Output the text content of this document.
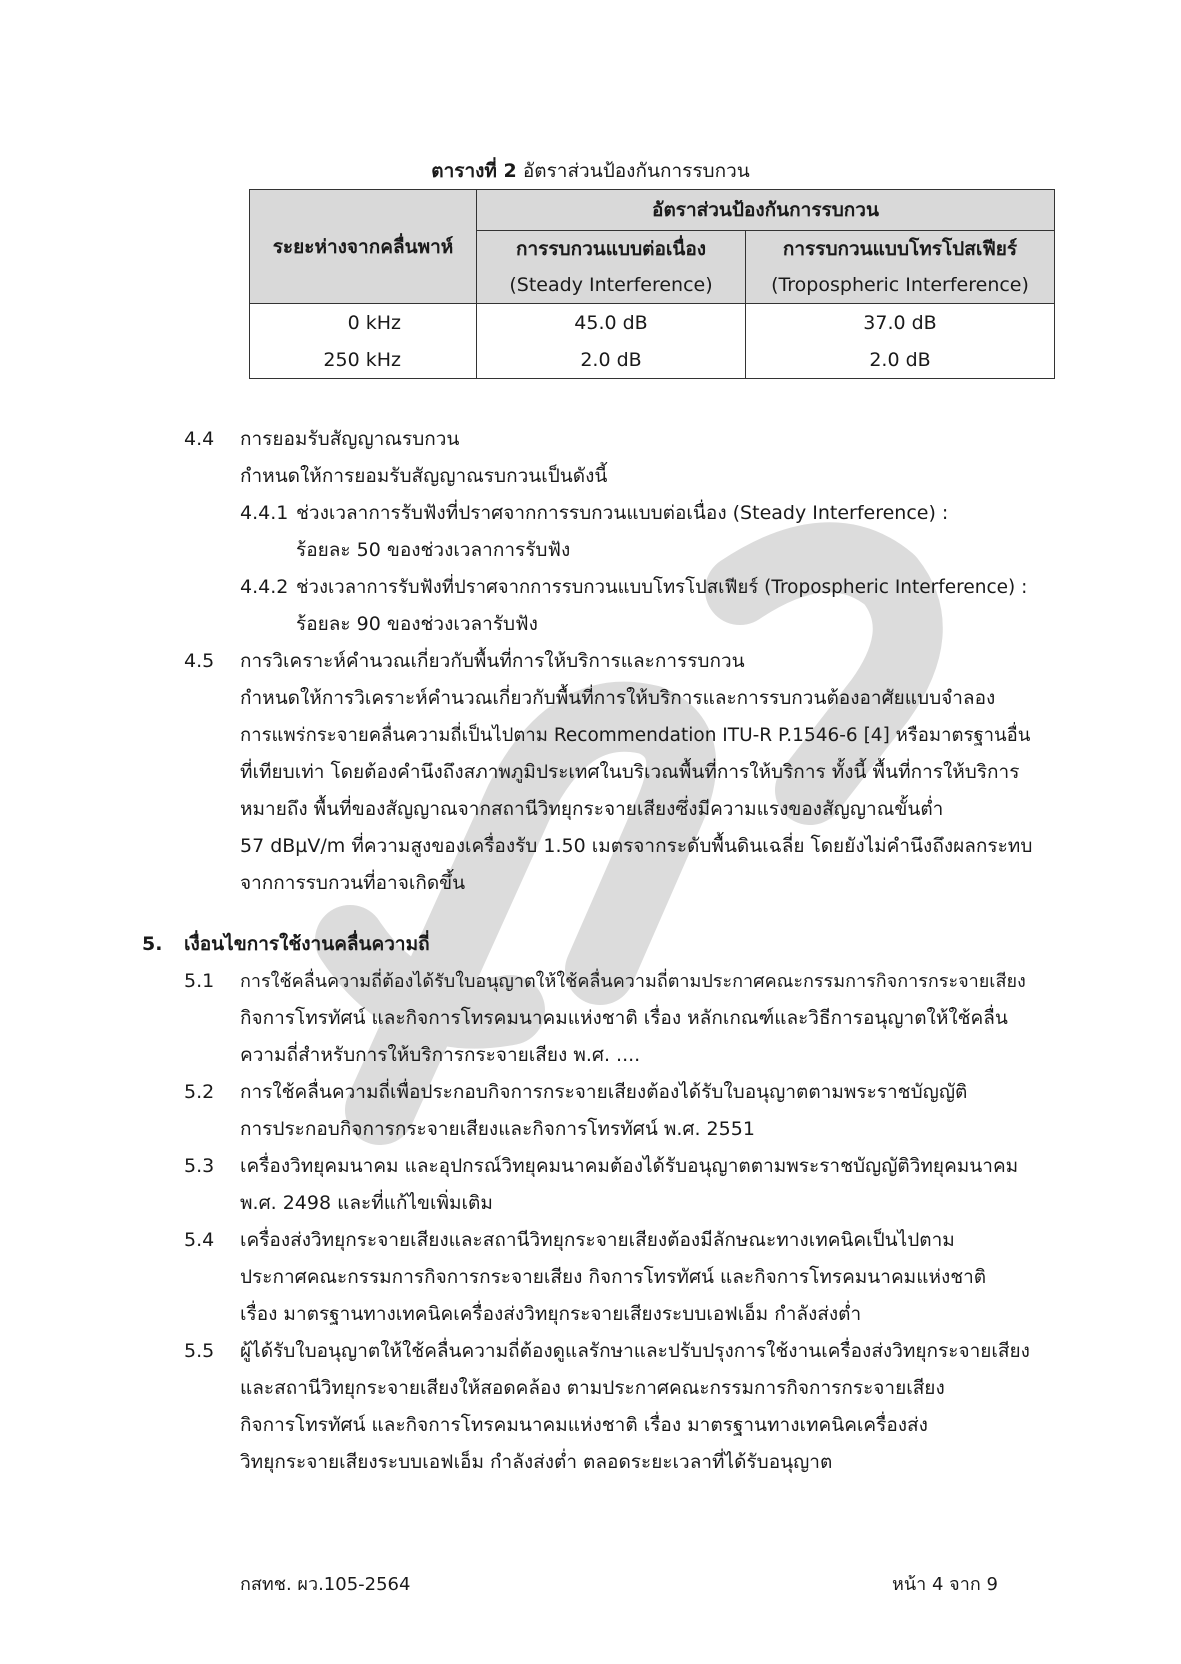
ตารางที่ 2 อัตราส่วนป้องกันการรบกวน
ระยะห่างจากคลื่นพาห์	อัตราส่วนป้องกันการรบกวน	
	การรบกวนแบบต่อเนื่อง	การรบกวนแบบโทรโปสเฟียร์
	(Steady Interference)	(Tropospheric Interference)
0 kHz	45.0 dB	37.0 dB
250 kHz	2.0 dB	2.0 dB
4.4 การยอมรับสัญญาณรบกวน
กำหนดให้การยอมรับสัญญาณรบกวนเป็นดังนี้
4.4.1 ช่วงเวลาการรับฟังที่ปราศจากการรบกวนแบบต่อเนื่อง (Steady Interference) :
ร้อยละ 50 ของช่วงเวลาการรับฟัง
4.4.2 ช่วงเวลาการรับฟังที่ปราศจากการรบกวนแบบโทรโปสเฟียร์ (Tropospheric Interference) :
ร้อยละ 90 ของช่วงเวลารับฟัง
4.5 การวิเคราะห์คำนวณเกี่ยวกับพื้นที่การให้บริการและการรบกวน
กำหนดให้การวิเคราะห์คำนวณเกี่ยวกับพื้นที่การให้บริการและการรบกวนต้องอาศัยแบบจำลอง
การแพร่กระจายคลื่นความถี่เป็นไปตาม Recommendation ITU-R P.1546-6 [4] หรือมาตรฐานอื่น
ที่เทียบเท่า โดยต้องคำนึงถึงสภาพภูมิประเทศในบริเวณพื้นที่การให้บริการ ทั้งนี้ พื้นที่การให้บริการ
หมายถึง พื้นที่ของสัญญาณจากสถานีวิทยุกระจายเสียงซึ่งมีความแรงของสัญญาณขั้นต่ำ
57 dBµV/m ที่ความสูงของเครื่องรับ 1.50 เมตรจากระดับพื้นดินเฉลี่ย โดยยังไม่คำนึงถึงผลกระทบ
จากการรบกวนที่อาจเกิดขึ้น
5. เงื่อนไขการใช้งานคลื่นความถี่
5.1 การใช้คลื่นความถี่ต้องได้รับใบอนุญาตให้ใช้คลื่นความถี่ตามประกาศคณะกรรมการกิจการกระจายเสียง
กิจการโทรทัศน์ และกิจการโทรคมนาคมแห่งชาติ เรื่อง หลักเกณฑ์และวิธีการอนุญาตให้ใช้คลื่น
ความถี่สำหรับการให้บริการกระจายเสียง พ.ศ. ....
5.2 การใช้คลื่นความถี่เพื่อประกอบกิจการกระจายเสียงต้องได้รับใบอนุญาตตามพระราชบัญญัติ
การประกอบกิจการกระจายเสียงและกิจการโทรทัศน์ พ.ศ. 2551
5.3 เครื่องวิทยุคมนาคม และอุปกรณ์วิทยุคมนาคมต้องได้รับอนุญาตตามพระราชบัญญัติวิทยุคมนาคม
พ.ศ. 2498 และที่แก้ไขเพิ่มเติม
5.4 เครื่องส่งวิทยุกระจายเสียงและสถานีวิทยุกระจายเสียงต้องมีลักษณะทางเทคนิคเป็นไปตาม
ประกาศคณะกรรมการกิจการกระจายเสียง กิจการโทรทัศน์ และกิจการโทรคมนาคมแห่งชาติ
เรื่อง มาตรฐานทางเทคนิคเครื่องส่งวิทยุกระจายเสียงระบบเอฟเอ็ม กำลังส่งต่ำ
5.5 ผู้ได้รับใบอนุญาตให้ใช้คลื่นความถี่ต้องดูแลรักษาและปรับปรุงการใช้งานเครื่องส่งวิทยุกระจายเสียง
และสถานีวิทยุกระจายเสียงให้สอดคล้อง ตามประกาศคณะกรรมการกิจการกระจายเสียง
กิจการโทรทัศน์ และกิจการโทรคมนาคมแห่งชาติ เรื่อง มาตรฐานทางเทคนิคเครื่องส่ง
วิทยุกระจายเสียงระบบเอฟเอ็ม กำลังส่งต่ำ ตลอดระยะเวลาที่ได้รับอนุญาต
กสทช. ผว.105-2564	หน้า 4 จาก 9
